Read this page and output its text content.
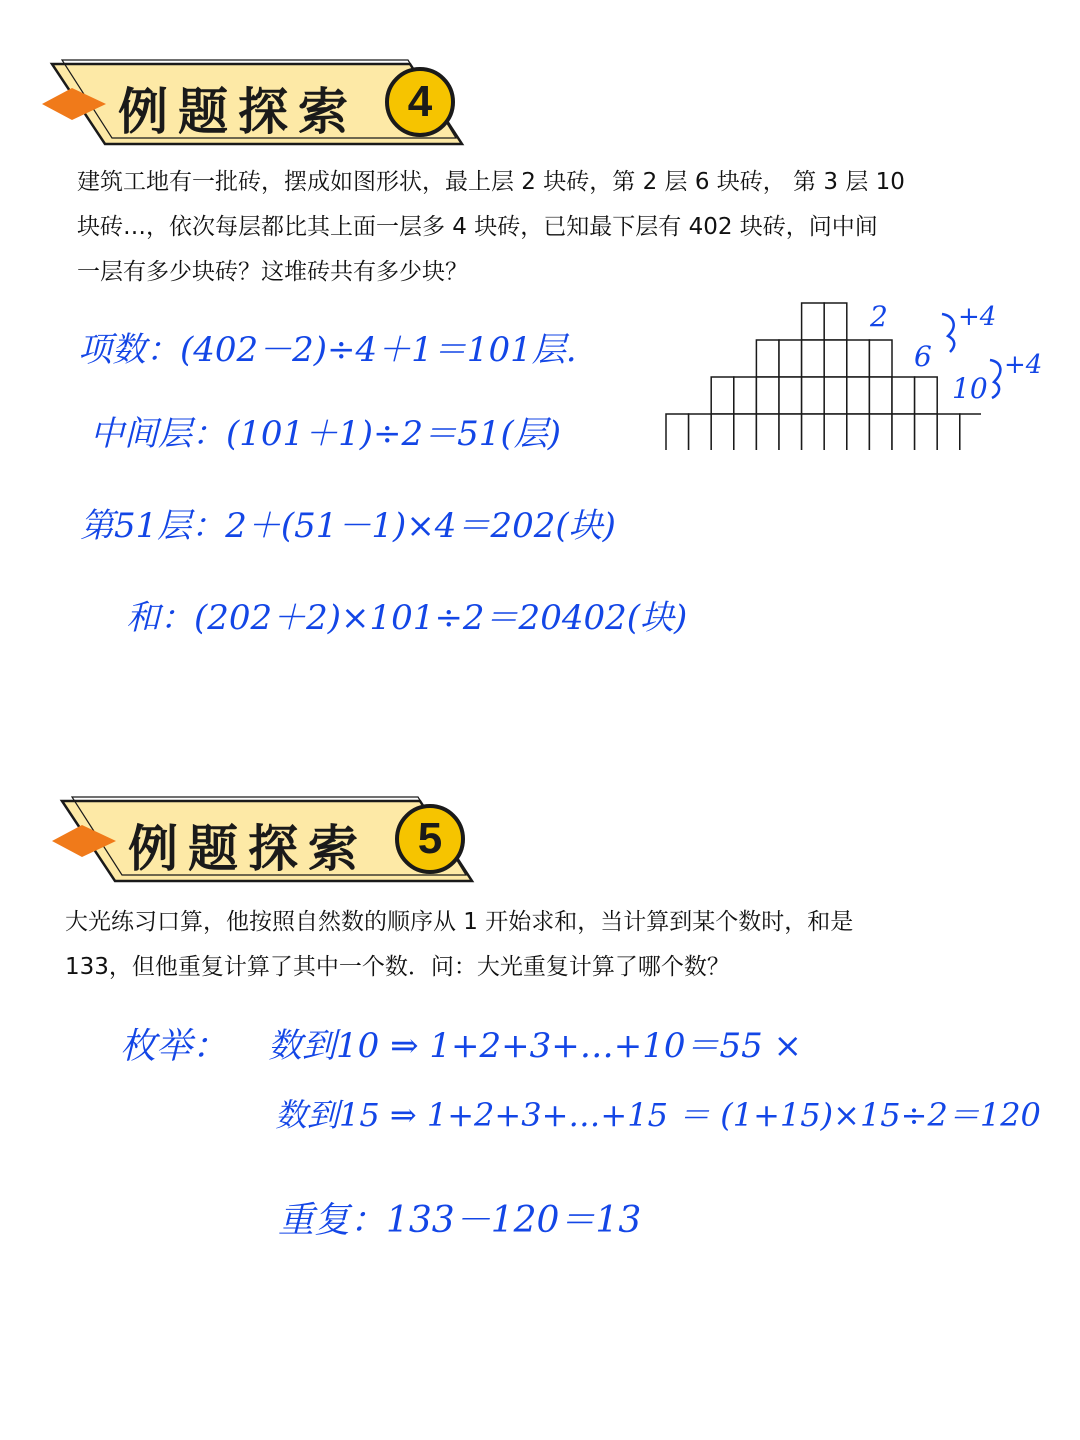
例题探索	4
建筑工地有一批砖，摆成如图形状，最上层 2 块砖，第 2 层 6 块砖， 第 3 层 10
块砖…，依次每层都比其上面一层多 4 块砖，已知最下层有 402 块砖，问中间
一层有多少块砖？这堆砖共有多少块？
项数：(402－2)÷4＋1＝101层.
中间层：(101＋1)÷2＝51(层)
第51层：2＋(51－1)×4＝202(块)
和：(202＋2)×101÷2＝20402(块)
2
6
10
+4
+4
例题探索	5
大光练习口算，他按照自然数的顺序从 1 开始求和，当计算到某个数时，和是
133，但他重复计算了其中一个数．问：大光重复计算了哪个数？
枚举： 数到10 ⇒ 1+2+3+…+10＝55 ×
数到15 ⇒ 1+2+3+…+15 ＝ (1+15)×15÷2＝120
重复：133－120＝13
